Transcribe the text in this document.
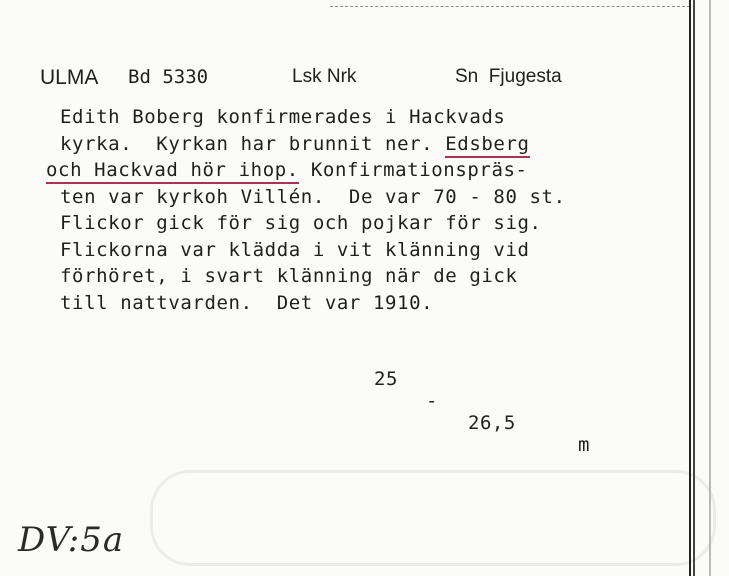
ULMA Bd 5330	Lsk Nrk	Sn  Fjugesta
Edith Boberg konfirmerades i Hackvads
kyrka.  Kyrkan har brunnit ner. Edsberg
och Hackvad hör ihop. Konfirmationspräs-
ten var kyrkoh Villén.  De var 70 - 80 st.
Flickor gick för sig och pojkar för sig.
Flickorna var klädda i vit klänning vid
förhöret, i svart klänning när de gick
till nattvarden.  Det var 1910.

25

-

26,5

m

DV:5a
